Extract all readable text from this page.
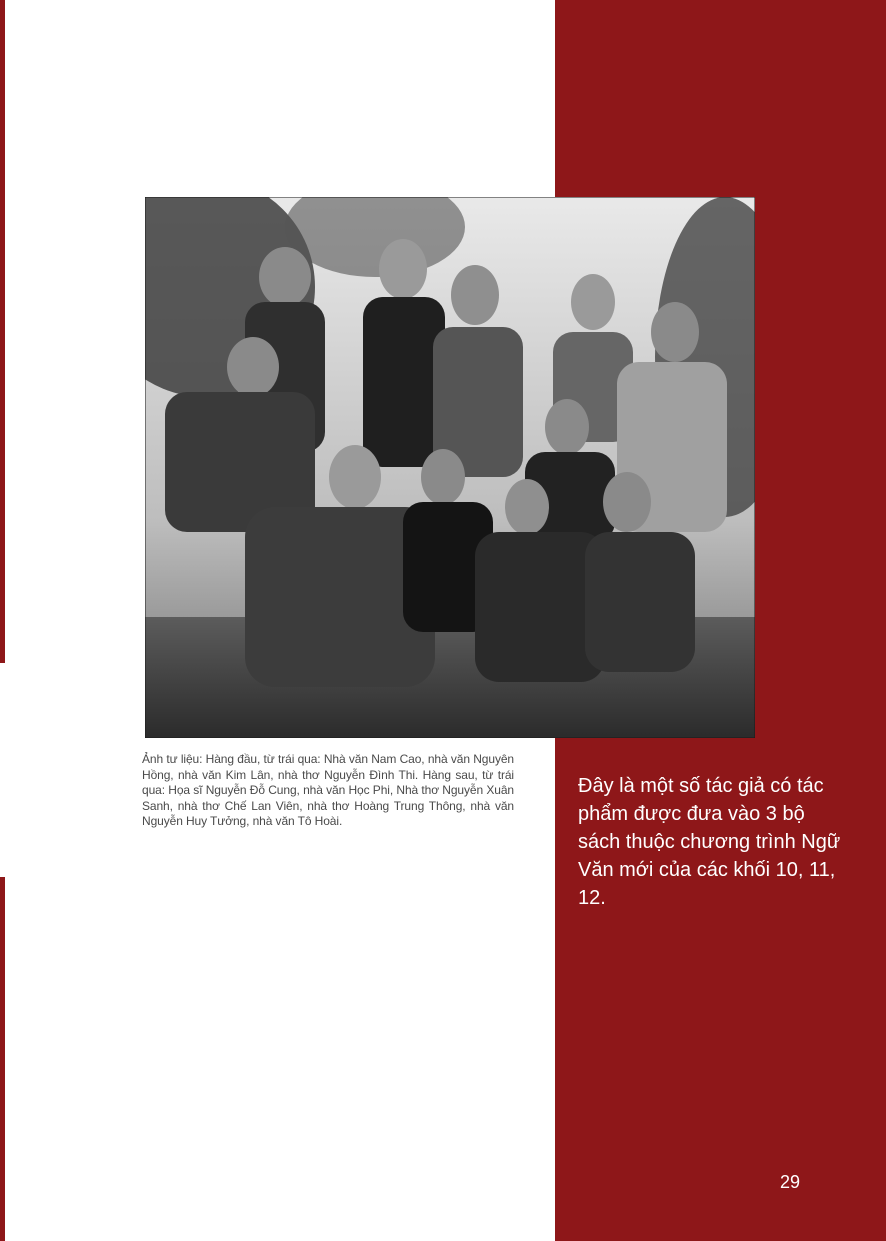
Ảnh tư liệu: Hàng đầu, từ trái qua: Nhà văn Nam Cao, nhà văn Nguyên Hồng, nhà văn Kim Lân, nhà thơ Nguyễn Đình Thi. Hàng sau, từ trái qua: Họa sĩ Nguyễn Đỗ Cung, nhà văn Học Phi, Nhà thơ Nguyễn Xuân Sanh, nhà thơ Chế Lan Viên, nhà thơ Hoàng Trung Thông, nhà văn Nguyễn Huy Tưởng, nhà văn Tô Hoài.
Đây là một số tác giả có tác phẩm được đưa vào 3 bộ sách thuộc chương trình Ngữ Văn mới của các khối 10, 11, 12.
29
